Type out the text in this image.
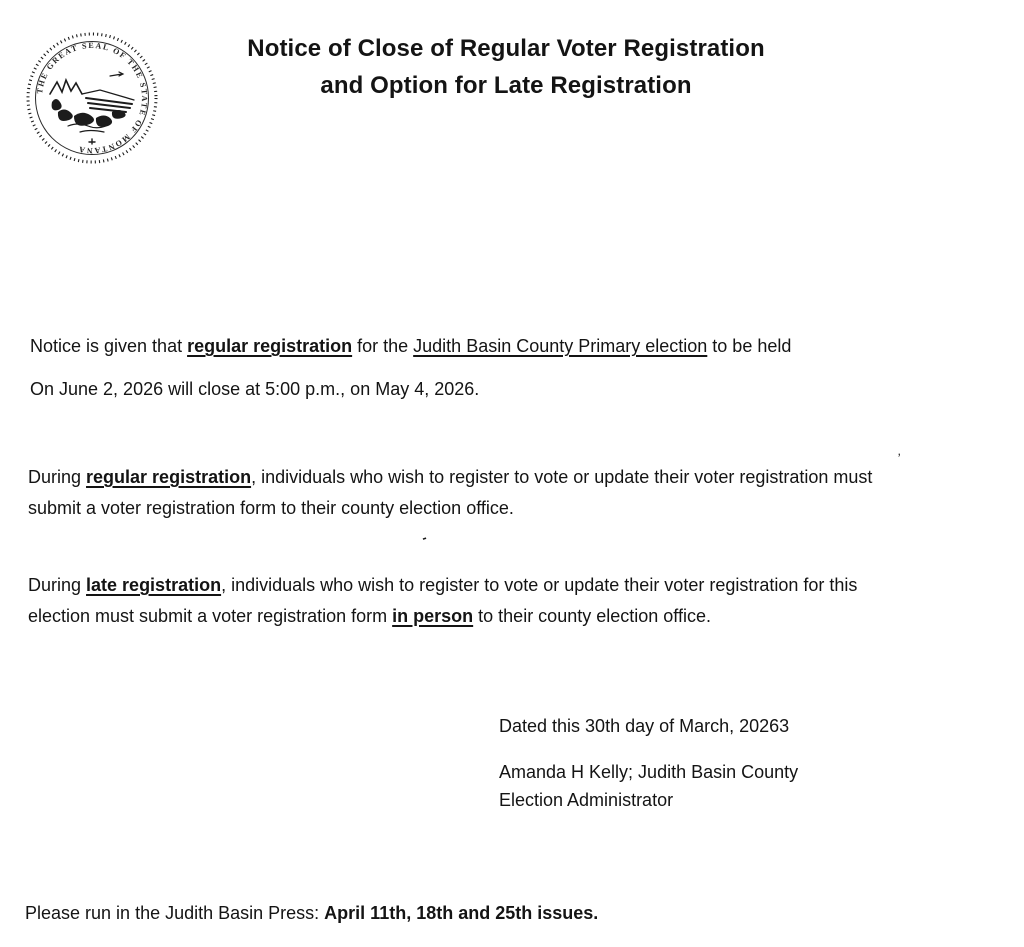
THE GREAT SEAL OF THE STATE OF MONTANA
Notice of Close of Regular Voter Registration
and Option for Late Registration
Notice is given that regular registration for the Judith Basin County Primary election to be held
On June 2, 2026 will close at 5:00 p.m., on May 4, 2026.
During regular registration, individuals who wish to register to vote or update their voter registration must
submit a voter registration form to their county election office.
During late registration, individuals who wish to register to vote or update their voter registration for this
election must submit a voter registration form in person to their county election office.
Dated this 30th day of March, 20263
Amanda H Kelly; Judith Basin County
Election Administrator
Please run in the Judith Basin Press: April 11th, 18th and 25th issues.
,
-
